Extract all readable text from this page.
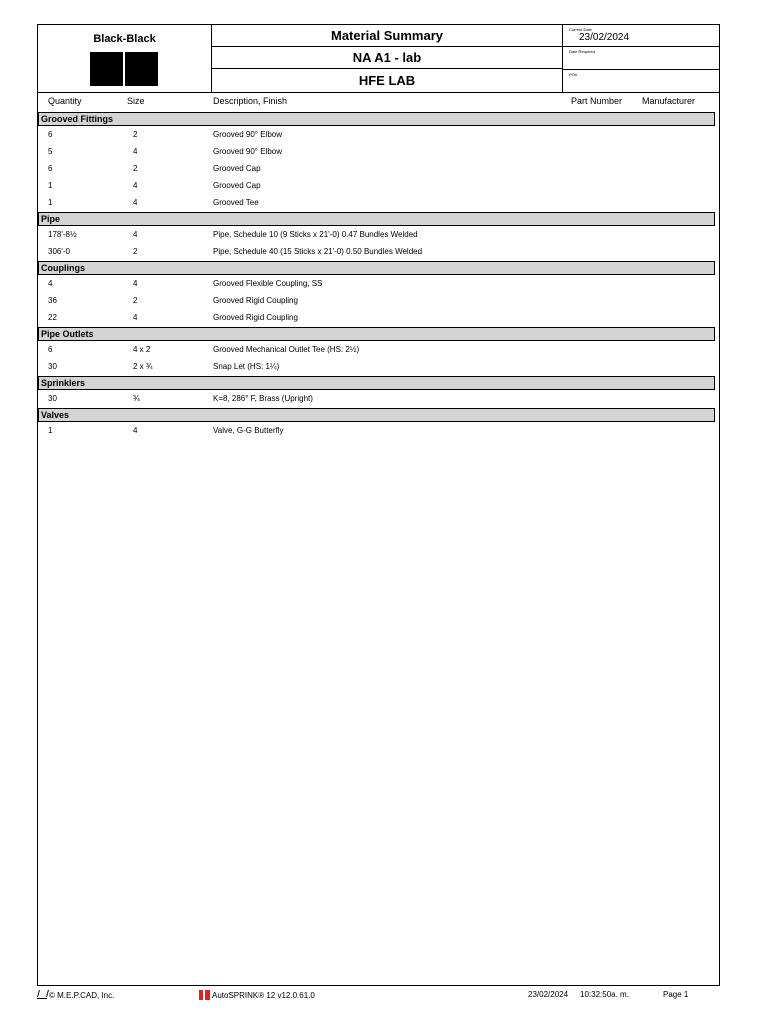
Black-Black	Material Summary
NA A1 - lab
HFE LAB
Current Date
23/02/2024
Date Required
PO#
Quantity	Size	Description, Finish	Part Number Manufacturer
Grooved Fittings
6	2	Grooved 90° Elbow
5	4	Grooved 90° Elbow
6	2	Grooved Cap
1	4	Grooved Cap
1	4	Grooved Tee
Pipe
178'-8½	4	Pipe, Schedule 10 (9 Sticks x 21'-0) 0.47 Bundles Welded
306'-0	2	Pipe, Schedule 40 (15 Sticks x 21'-0) 0.50 Bundles Welded
Couplings
4	4	Grooved Flexible Coupling, SS
36	2	Grooved Rigid Coupling
22	4	Grooved Rigid Coupling
Pipe Outlets
6	4 x 2	Grooved Mechanical Outlet Tee (HS: 2½)
30	2 x ¾	Snap Let (HS: 1¼)
Sprinklers
30	¾	K=8, 286° F, Brass (Upright)
Valves
1	4	Valve, G-G Butterfly
© M.E.P.CAD, Inc.	AutoSPRINK® 12 v12.0.61.0	23/02/2024 10:32:50a. m.	Page 1
